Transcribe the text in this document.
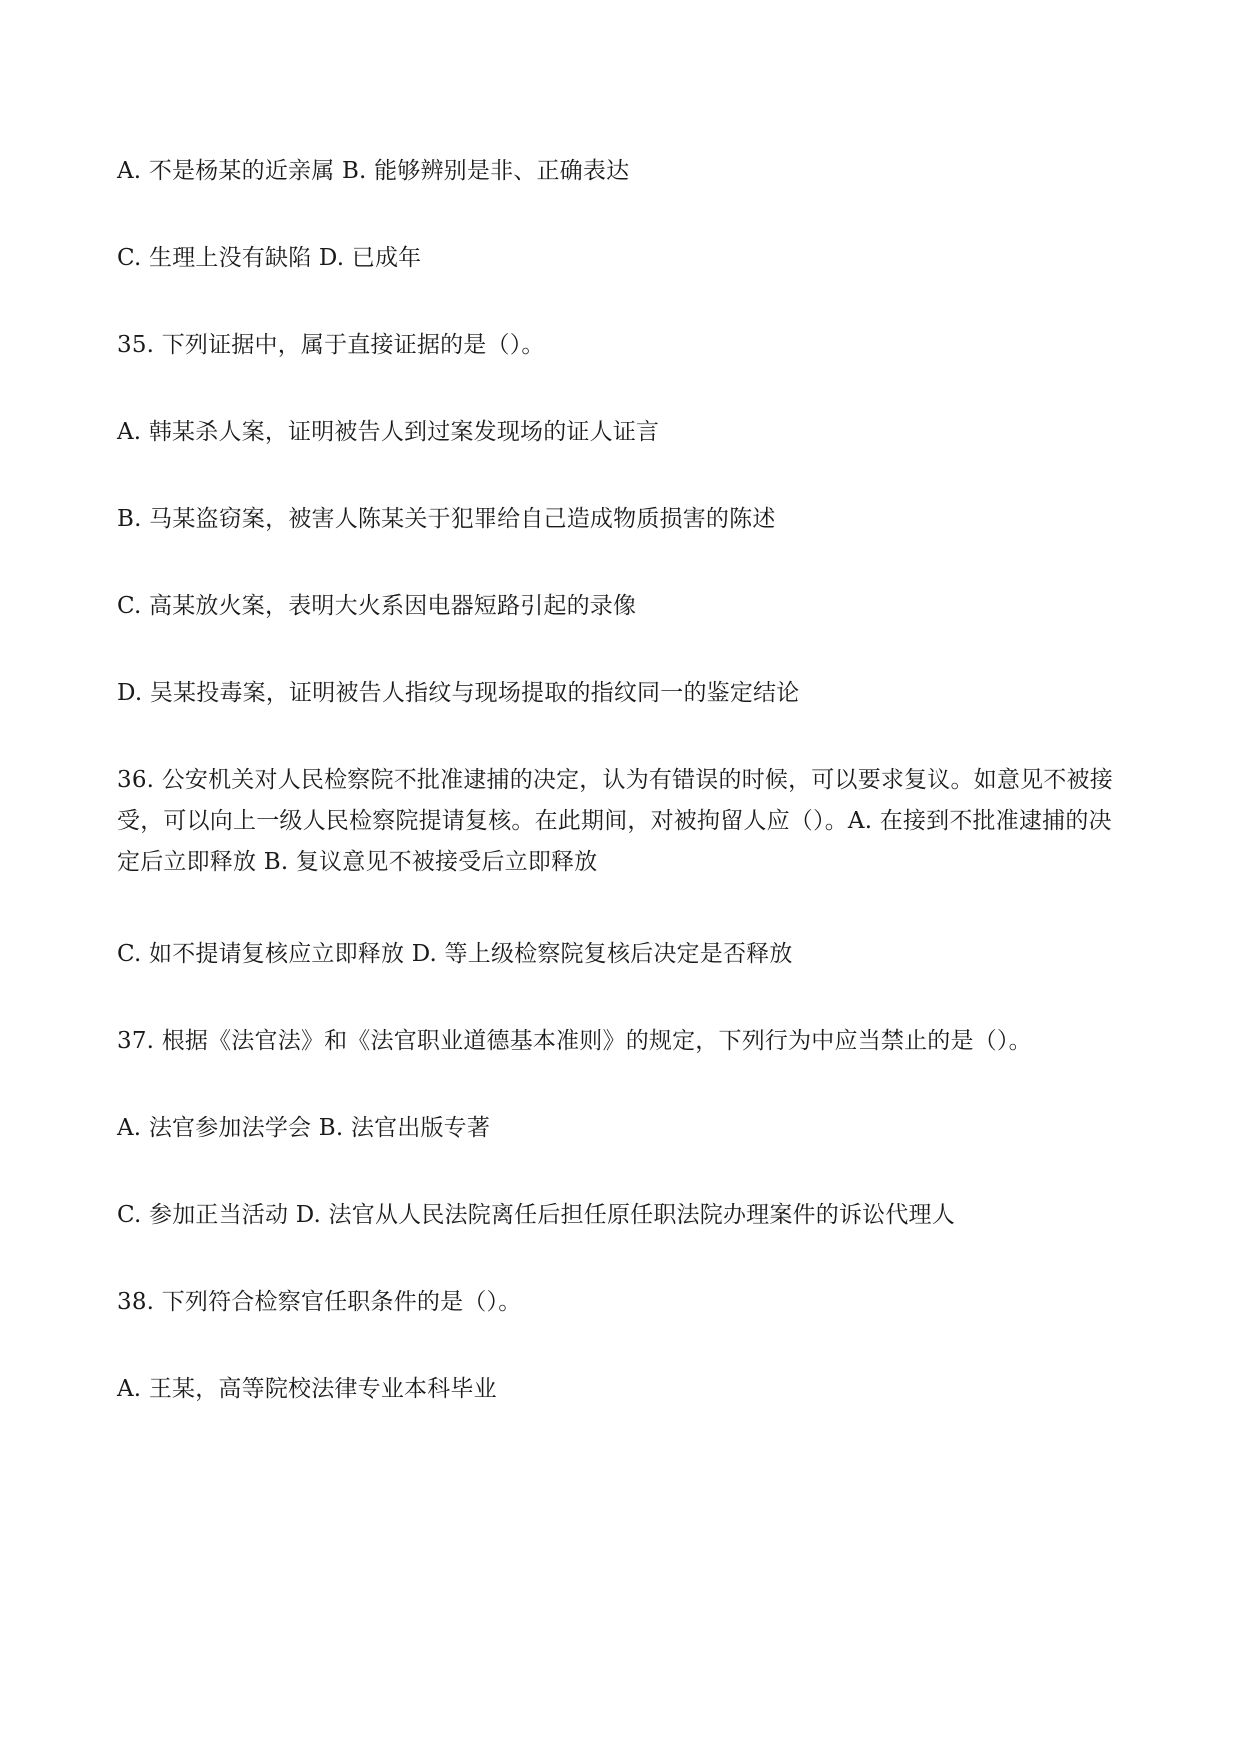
A. 不是杨某的近亲属 B. 能够辨别是非、正确表达
C. 生理上没有缺陷 D. 已成年
35. 下列证据中，属于直接证据的是（）。
A. 韩某杀人案，证明被告人到过案发现场的证人证言
B. 马某盗窃案，被害人陈某关于犯罪给自己造成物质损害的陈述
C. 高某放火案，表明大火系因电器短路引起的录像
D. 吴某投毒案，证明被告人指纹与现场提取的指纹同一的鉴定结论
36. 公安机关对人民检察院不批准逮捕的决定，认为有错误的时候，可以要求复议。如意见不被接受，可以向上一级人民检察院提请复核。在此期间，对被拘留人应（）。A. 在接到不批准逮捕的决定后立即释放 B. 复议意见不被接受后立即释放
C. 如不提请复核应立即释放 D. 等上级检察院复核后决定是否释放
37. 根据《法官法》和《法官职业道德基本准则》的规定，下列行为中应当禁止的是（）。
A. 法官参加法学会 B. 法官出版专著
C. 参加正当活动 D. 法官从人民法院离任后担任原任职法院办理案件的诉讼代理人
38. 下列符合检察官任职条件的是（）。
A. 王某，高等院校法律专业本科毕业
